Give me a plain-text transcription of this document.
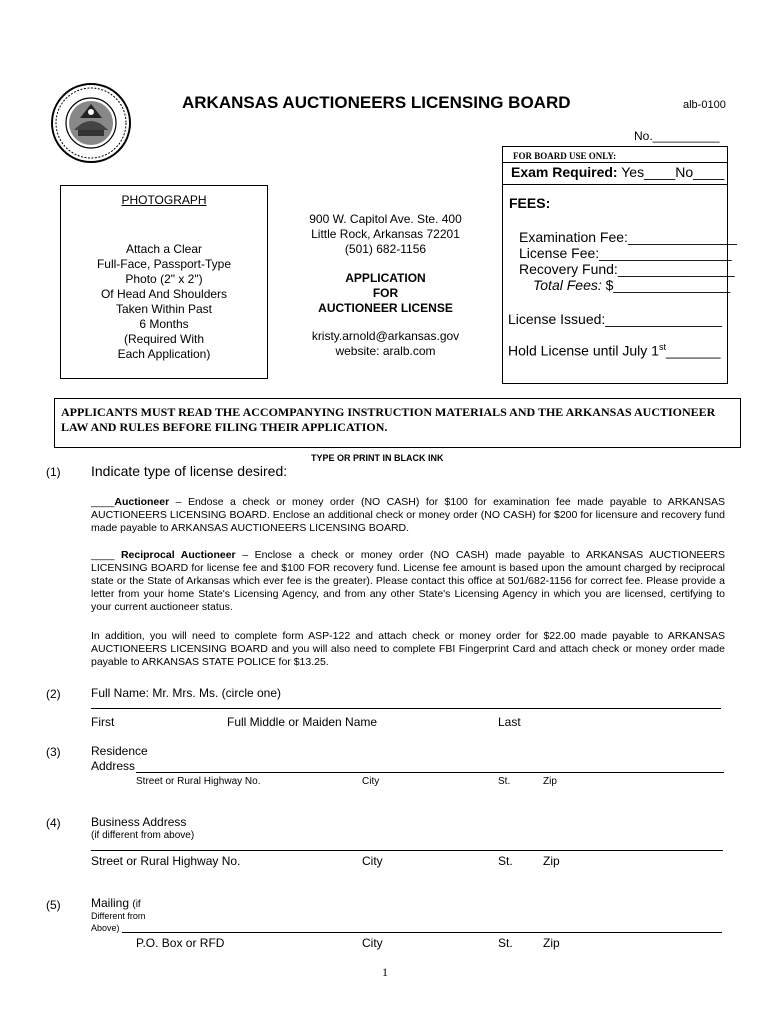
ARKANSAS AUCTIONEERS LICENSING BOARD	alb-0100
No.__________
FOR BOARD USE ONLY:
Exam Required: Yes____No____
FEES:
Examination Fee:______________
License Fee:_________________
Recovery Fund:_______________
Total Fees: $_______________
License Issued:_______________
Hold License until July 1st_______
PHOTOGRAPH
Attach a Clear
Full-Face, Passport-Type
Photo (2" x 2")
Of Head And Shoulders
Taken Within Past
6 Months
(Required With
Each Application)
900 W. Capitol Ave. Ste. 400
Little Rock, Arkansas 72201
(501) 682-1156
APPLICATION
FOR
AUCTIONEER LICENSE
kristy.arnold@arkansas.gov
website: aralb.com
APPLICANTS MUST READ THE ACCOMPANYING INSTRUCTION MATERIALS AND THE ARKANSAS AUCTIONEER LAW AND RULES BEFORE FILING THEIR APPLICATION.
TYPE OR PRINT IN BLACK INK
(1) Indicate type of license desired:
____Auctioneer – Endose a check or money order (NO CASH) for $100 for examination fee made payable to ARKANSAS AUCTIONEERS LICENSING BOARD. Enclose an additional check or money order (NO CASH) for $200 for licensure and recovery fund made payable to ARKANSAS AUCTIONEERS LICENSING BOARD.
____ Reciprocal Auctioneer – Enclose a check or money order (NO CASH) made payable to ARKANSAS AUCTIONEERS LICENSING BOARD for license fee and $100 FOR recovery fund. License fee amount is based upon the amount charged by reciprocal state or the State of Arkansas which ever fee is the greater). Please contact this office at 501/682-1156 for correct fee. Please provide a letter from your home State's Licensing Agency, and from any other State's Licensing Agency in which you are licensed, certifying to your current auctioneer status.
In addition, you will need to complete form ASP-122 and attach check or money order for $22.00 made payable to ARKANSAS AUCTIONEERS LICENSING BOARD and you will also need to complete FBI Fingerprint Card and attach check or money order made payable to ARKANSAS STATE POLICE for $13.25.
(2)	Full Name: Mr. Mrs. Ms. (circle one)
First	Full Middle or Maiden Name	Last
(3)	Residence
Address
Street or Rural Highway No.	City	St.	Zip
(4)	Business Address
(if different from above)
Street or Rural Highway No.	City	St.	Zip
(5)	Mailing (if
Different from
Above)
P.O. Box or RFD	City	St.	Zip
1
